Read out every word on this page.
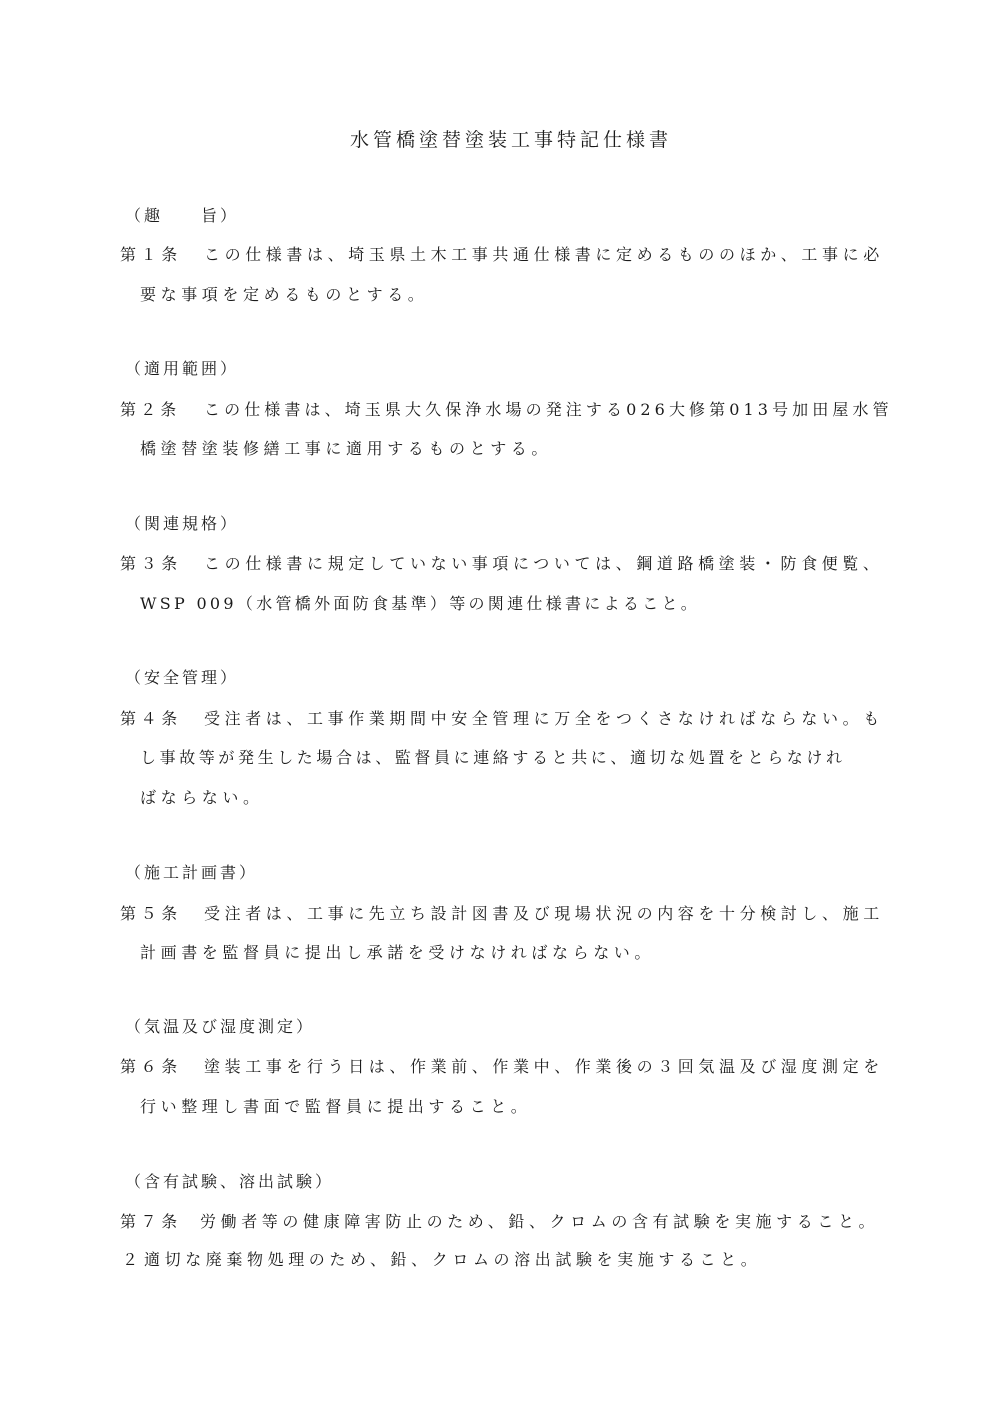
水管橋塗替塗装工事特記仕様書
（趣　　旨）
第１条 この仕様書は、埼玉県土木工事共通仕様書に定めるもののほか、工事に必
要な事項を定めるものとする。
（適用範囲）
第２条 この仕様書は、埼玉県大久保浄水場の発注する026大修第013号加田屋水管
橋塗替塗装修繕工事に適用するものとする。
（関連規格）
第３条 この仕様書に規定していない事項については、鋼道路橋塗装・防食便覧、
WSP 009（水管橋外面防食基準）等の関連仕様書によること。
（安全管理）
第４条 受注者は、工事作業期間中安全管理に万全をつくさなければならない。も
し事故等が発生した場合は、監督員に連絡すると共に、適切な処置をとらなけれ
ばならない。
（施工計画書）
第５条 受注者は、工事に先立ち設計図書及び現場状況の内容を十分検討し、施工
計画書を監督員に提出し承諾を受けなければならない。
（気温及び湿度測定）
第６条 塗装工事を行う日は、作業前、作業中、作業後の３回気温及び湿度測定を
行い整理し書面で監督員に提出すること。
（含有試験、溶出試験）
第７条 労働者等の健康障害防止のため、鉛、クロムの含有試験を実施すること。
２適切な廃棄物処理のため、鉛、クロムの溶出試験を実施すること。
